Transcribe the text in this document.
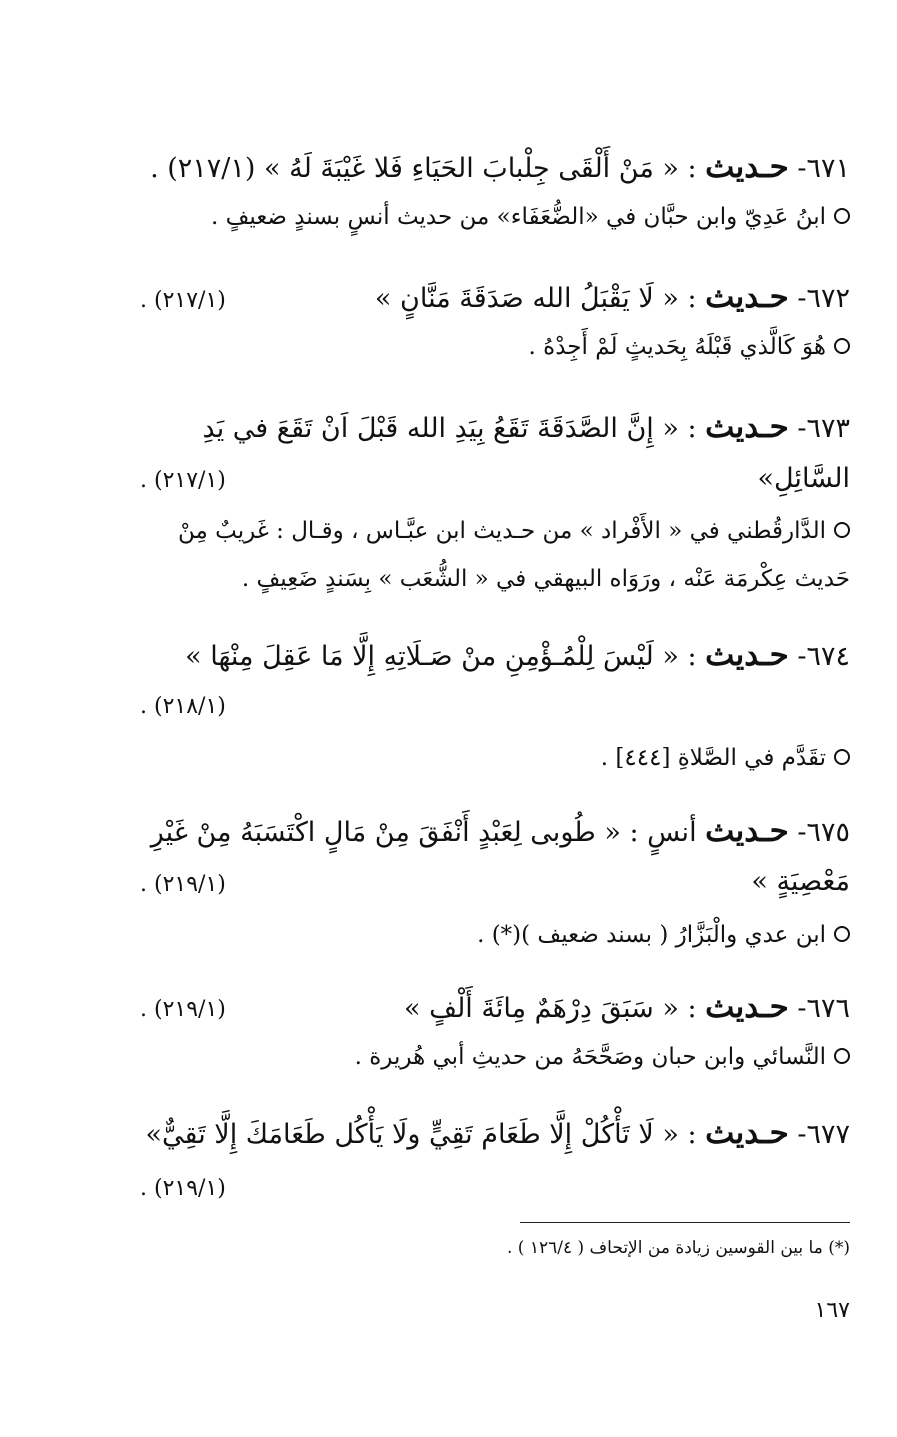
٦٧١- حـديث : « مَنْ أَلْقَى جِلْبابَ الحَيَاءِ فَلا غَيْبَةَ لَهُ » (٢١٧/١) .
ابنُ عَدِيّ وابن حبَّان في «الضُّعَفَاء» من حديث أنسٍ بسندٍ ضعيفٍ .
٦٧٢- حـديث : « لَا يَقْبَلُ الله صَدَقَةَ مَنَّانٍ »
(٢١٧/١) .
هُوَ كَالَّذي قَبْلَهُ بِحَديثٍ لَمْ أَجِدْهُ .
٦٧٣- حـديث : « إِنَّ الصَّدَقَةَ تَقَعُ بِيَدِ الله قَبْلَ اَنْ تَقَعَ في يَدِ
السَّائِلِ»
(٢١٧/١) .
الدَّارقُطني في « الأَفْراد » من حـديث ابن عبَّـاس ، وقـال : غَريبٌ مِنْ
حَديث عِكْرمَة عَنْه ، ورَوَاه البيهقي في « الشُّعَب » بِسَندٍ ضَعِيفٍ .
٦٧٤- حـديث : « لَيْسَ لِلْمُـؤْمِنِ منْ صَـلَاتِهِ إِلَّا مَا عَقِلَ مِنْهَا »
(٢١٨/١) .
تقَدَّم في الصَّلاةِ [٤٤٤] .
٦٧٥- حـديث أنسٍ : « طُوبى لِعَبْدٍ أَنْفَقَ مِنْ مَالٍ اكْتَسَبَهُ مِنْ غَيْرِ
مَعْصِيَةٍ »
(٢١٩/١) .
ابن عدي والْبَزَّارُ ( بسند ضعيف )(*) .
٦٧٦- حـديث : « سَبَقَ دِرْهَمٌ مِائَةَ أَلْفٍ »
(٢١٩/١) .
النَّسائي وابن حبان وصَحَّحَهُ من حديثِ أبي هُريرة .
٦٧٧- حـديث : « لَا تَأْكُلْ إِلَّا طَعَامَ تَقِيٍّ ولَا يَأْكُل طَعَامَكَ إِلَّا تَقِيٌّ»
(٢١٩/١) .
(*) ما بين القوسين زيادة من الإتحاف ( ١٢٦/٤ ) .
١٦٧
